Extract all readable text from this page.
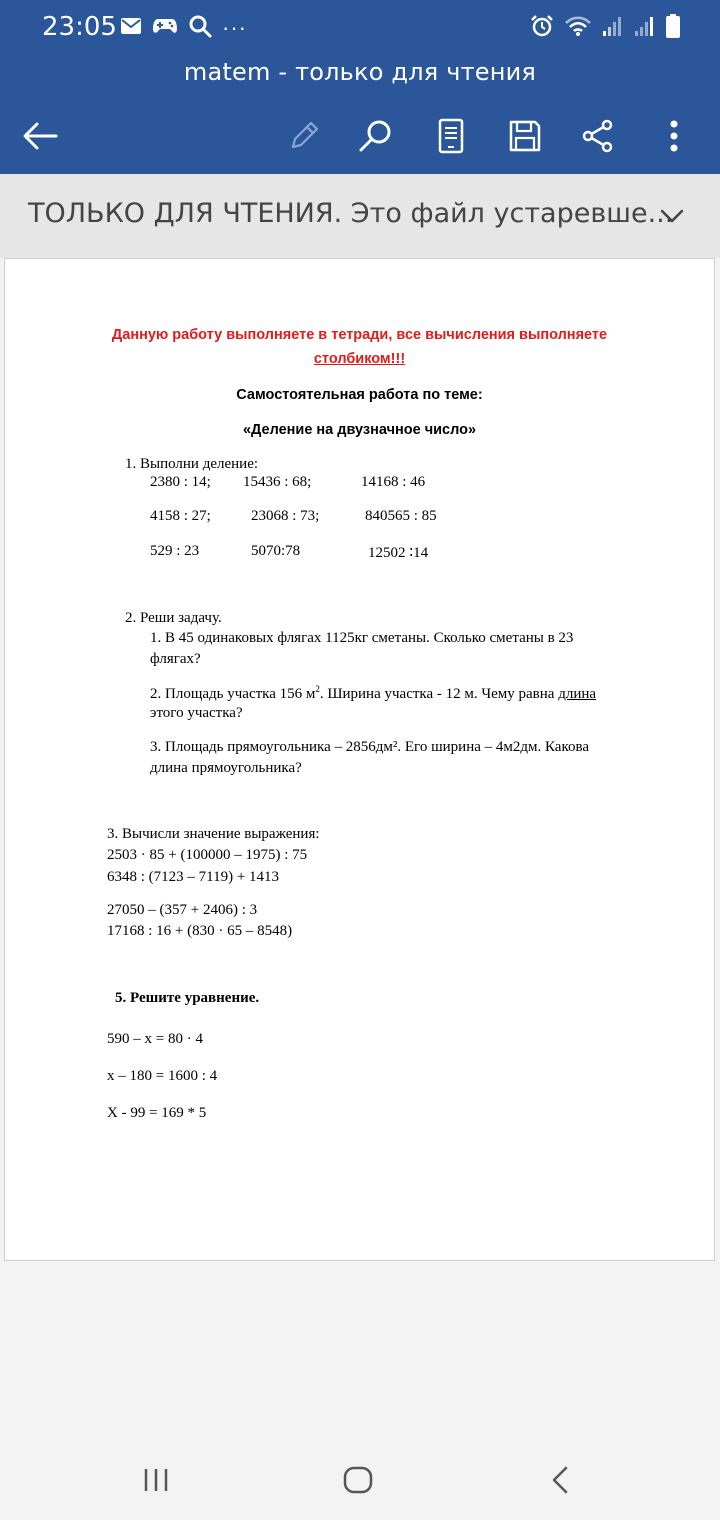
23:05	···
matem - только для чтения
ТОЛЬКО ДЛЯ ЧТЕНИЯ. Это файл устаревше...
Данную работу выполняете в тетради, все вычисления выполняете
столбиком!!!
Самостоятельная работа по теме:
«Деление на двузначное число»
1. Выполни деление:
2380 : 14; 15436 : 68;	14168 : 46
4158 : 27;	23068 : 73;	840565 : 85
529 : 23	5070:78	12502 ∶14
2. Реши задачу.
1. В 45 одинаковых флягах 1125кг сметаны. Сколько сметаны в 23
флягах?
2. Площадь участка 156 $м^2$. Ширина участка - 12 м. Чему равна длина
этого участка?
3. Площадь прямоугольника – 2856дм². Его ширина – 4м2дм. Какова
длина прямоугольника?
3. Вычисли значение выражения:
2503 · 85 + (100000 – 1975) : 75
6348 : (7123 – 7119) + 1413
27050 – (357 + 2406) : 3
17168 : 16 + (830 · 65 – 8548)
5. Решите уравнение.
590 – x = 80 · 4
x – 180 = 1600 : 4
X - 99 = 169 * 5
